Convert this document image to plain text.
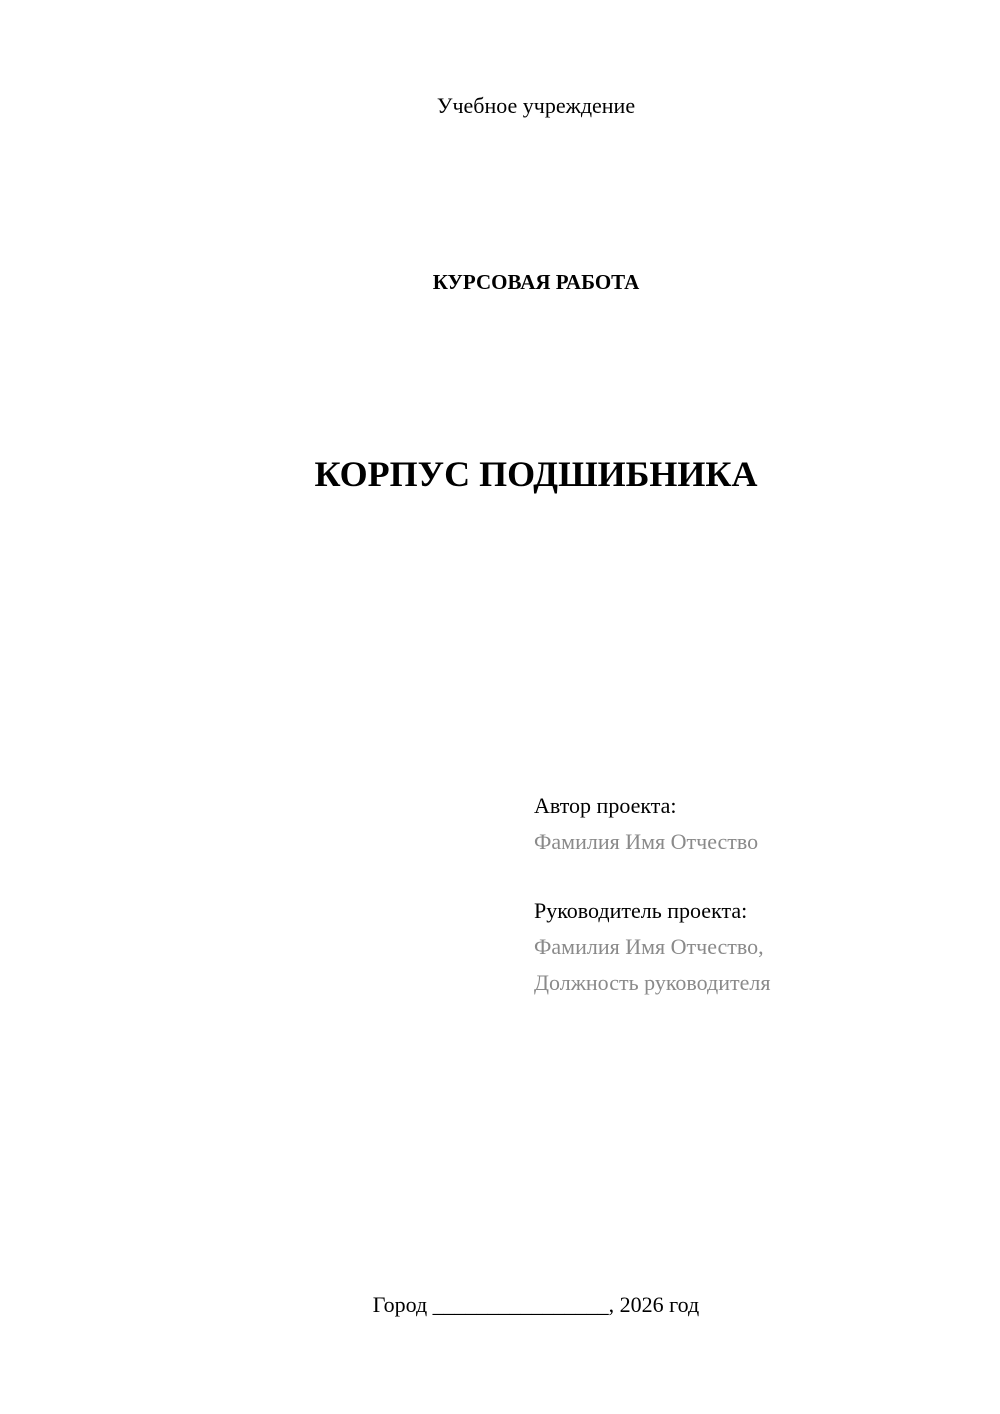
Учебное учреждение
КУРСОВАЯ РАБОТА
КОРПУС ПОДШИБНИКА
Автор проекта:
Фамилия Имя Отчество
Руководитель проекта:
Фамилия Имя Отчество,
Должность руководителя
Город ________________, 2026 год
